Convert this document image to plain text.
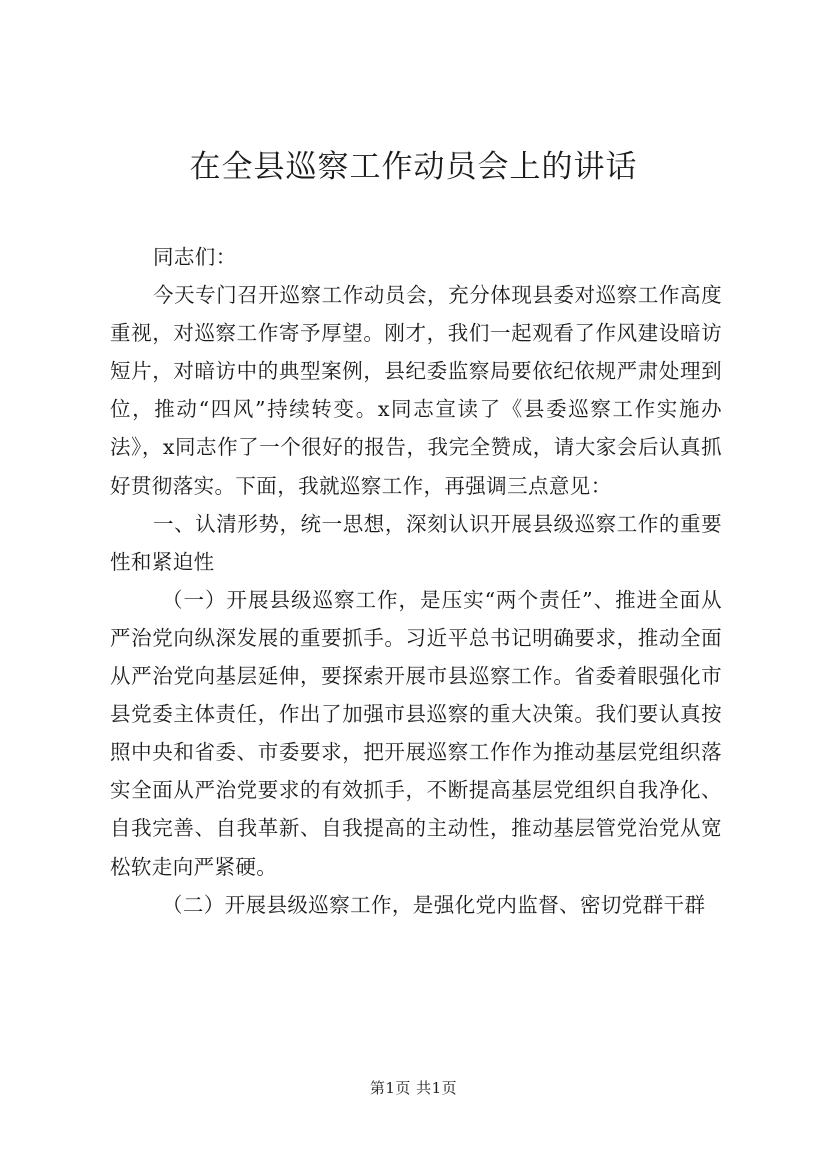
在全县巡察工作动员会上的讲话

同志们：

今天专门召开巡察工作动员会，充分体现县委对巡察工作高度重视，对巡察工作寄予厚望。刚才，我们一起观看了作风建设暗访短片，对暗访中的典型案例，县纪委监察局要依纪依规严肃处理到位，推动“四风”持续转变。x同志宣读了《县委巡察工作实施办法》，x同志作了一个很好的报告，我完全赞成，请大家会后认真抓好贯彻落实。下面，我就巡察工作，再强调三点意见：

一、认清形势，统一思想，深刻认识开展县级巡察工作的重要性和紧迫性

（一）开展县级巡察工作，是压实“两个责任”、推进全面从严治党向纵深发展的重要抓手。习近平总书记明确要求，推动全面从严治党向基层延伸，要探索开展市县巡察工作。省委着眼强化市县党委主体责任，作出了加强市县巡察的重大决策。我们要认真按照中央和省委、市委要求，把开展巡察工作作为推动基层党组织落实全面从严治党要求的有效抓手，不断提高基层党组织自我净化、自我完善、自我革新、自我提高的主动性，推动基层管党治党从宽松软走向严紧硬。

（二）开展县级巡察工作，是强化党内监督、密切党群干群

第1页 共1页
